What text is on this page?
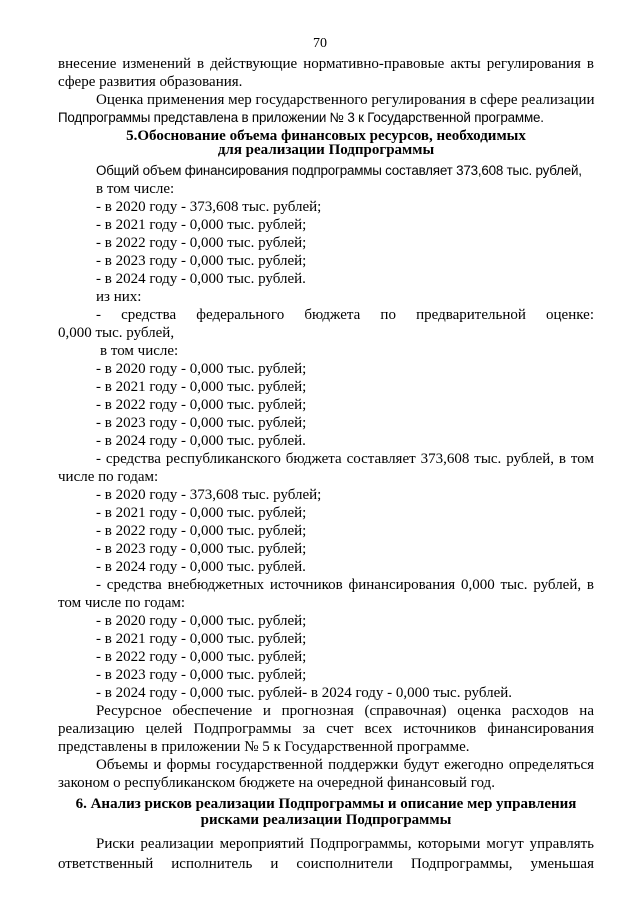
70
внесение изменений в действующие нормативно-правовые акты регулирования в
сфере развития образования.
Оценка применения мер государственного регулирования в сфере реализации
Подпрограммы представлена в приложении № 3 к Государственной программе.
5.Обоснование объема финансовых ресурсов, необходимых
для реализации Подпрограммы
Общий объем финансирования подпрограммы составляет 373,608 тыс. рублей,
в том числе:
- в 2020 году - 373,608 тыс. рублей;
- в 2021 году - 0,000 тыс. рублей;
- в 2022 году - 0,000 тыс. рублей;
- в 2023 году - 0,000 тыс. рублей;
- в 2024 году - 0,000 тыс. рублей.
из них:
- средства федерального бюджета по предварительной оценке:
0,000 тыс. рублей,
в том числе:
- в 2020 году - 0,000 тыс. рублей;
- в 2021 году - 0,000 тыс. рублей;
- в 2022 году - 0,000 тыс. рублей;
- в 2023 году - 0,000 тыс. рублей;
- в 2024 году - 0,000 тыс. рублей.
- средства республиканского бюджета составляет 373,608 тыс. рублей, в том
числе по годам:
- в 2020 году - 373,608 тыс. рублей;
- в 2021 году - 0,000 тыс. рублей;
- в 2022 году - 0,000 тыс. рублей;
- в 2023 году - 0,000 тыс. рублей;
- в 2024 году - 0,000 тыс. рублей.
- средства внебюджетных источников финансирования 0,000 тыс. рублей, в
том числе по годам:
- в 2020 году - 0,000 тыс. рублей;
- в 2021 году - 0,000 тыс. рублей;
- в 2022 году - 0,000 тыс. рублей;
- в 2023 году - 0,000 тыс. рублей;
- в 2024 году - 0,000 тыс. рублей- в 2024 году - 0,000 тыс. рублей.
Ресурсное обеспечение и прогнозная (справочная) оценка расходов на
реализацию целей Подпрограммы за счет всех источников финансирования
представлены в приложении № 5 к Государственной программе.
Объемы и формы государственной поддержки будут ежегодно определяться
законом о республиканском бюджете на очередной финансовый год.
6. Анализ рисков реализации Подпрограммы и описание мер управления
рисками реализации Подпрограммы
Риски реализации мероприятий Подпрограммы, которыми могут управлять
ответственный исполнитель и соисполнители Подпрограммы, уменьшая
